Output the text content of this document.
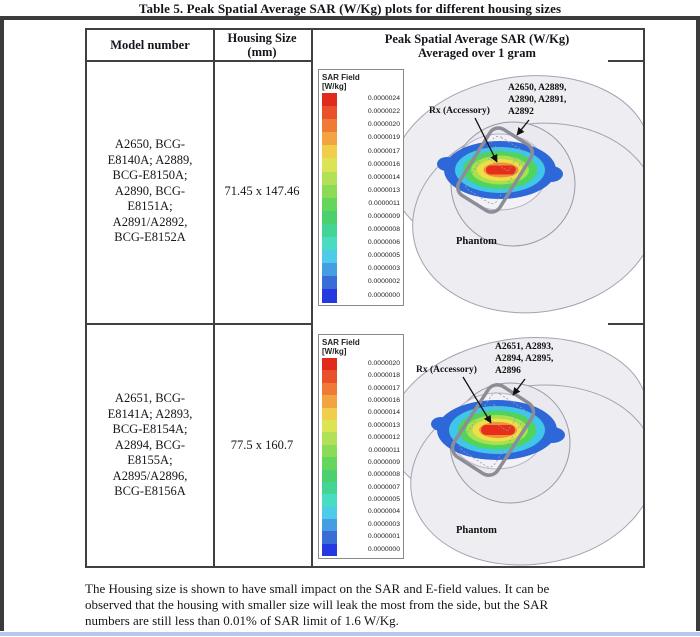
Table 5. Peak Spatial Average SAR (W/Kg) plots for different housing sizes
Model number	Housing Size
(mm)
Peak Spatial Average SAR (W/Kg)
Averaged over 1 gram
A2650, BCG-
E8140A; A2889,
BCG-E8150A;
A2890, BCG-
E8151A;
A2891/A2892,
BCG-E8152A
71.45 x 147.46
A2651, BCG-
E8141A; A2893,
BCG-E8154A;
A2894, BCG-
E8155A;
A2895/A2896,
BCG-E8156A
77.5 x 160.7
SAR Field
[W/kg]
0.0000024
0.0000022
0.0000020
0.0000019
0.0000017
0.0000016
0.0000014
0.0000013
0.0000011
0.0000009
0.0000008
0.0000006
0.0000005
0.0000003
0.0000002
0.0000000
A2650, A2889,
A2890, A2891,
A2892
Rx (Accessory)
Phantom
SAR Field
[W/kg]
0.0000020
0.0000018
0.0000017
0.0000016
0.0000014
0.0000013
0.0000012
0.0000011
0.0000009
0.0000008
0.0000007
0.0000005
0.0000004
0.0000003
0.0000001
0.0000000
A2651, A2893,
A2894, A2895,
A2896
Rx (Accessory)
Phantom
The Housing size is shown to have small impact on the SAR and E-field values. It can be
observed that the housing with smaller size will leak the most from the side, but the SAR
numbers are still less than 0.01% of SAR limit of 1.6 W/Kg.
